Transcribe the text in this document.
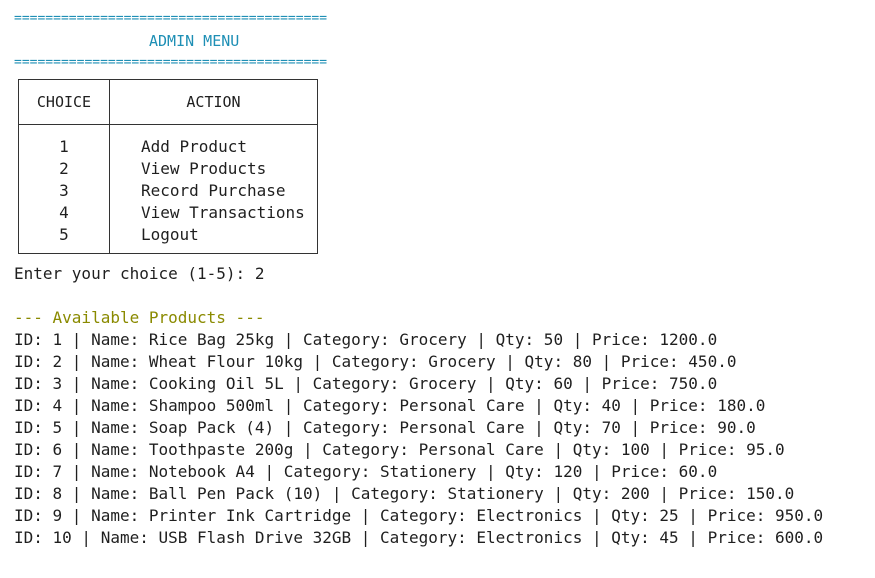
========================================
ADMIN MENU
========================================
CHOICE	ACTION

1	Add Product
2	View Products
3	Record Purchase
4	View Transactions
5	Logout

Enter your choice (1-5): 2
--- Available Products ---
ID: 1 | Name: Rice Bag 25kg | Category: Grocery | Qty: 50 | Price: 1200.0
ID: 2 | Name: Wheat Flour 10kg | Category: Grocery | Qty: 80 | Price: 450.0
ID: 3 | Name: Cooking Oil 5L | Category: Grocery | Qty: 60 | Price: 750.0
ID: 4 | Name: Shampoo 500ml | Category: Personal Care | Qty: 40 | Price: 180.0
ID: 5 | Name: Soap Pack (4) | Category: Personal Care | Qty: 70 | Price: 90.0
ID: 6 | Name: Toothpaste 200g | Category: Personal Care | Qty: 100 | Price: 95.0
ID: 7 | Name: Notebook A4 | Category: Stationery | Qty: 120 | Price: 60.0
ID: 8 | Name: Ball Pen Pack (10) | Category: Stationery | Qty: 200 | Price: 150.0
ID: 9 | Name: Printer Ink Cartridge | Category: Electronics | Qty: 25 | Price: 950.0
ID: 10 | Name: USB Flash Drive 32GB | Category: Electronics | Qty: 45 | Price: 600.0
